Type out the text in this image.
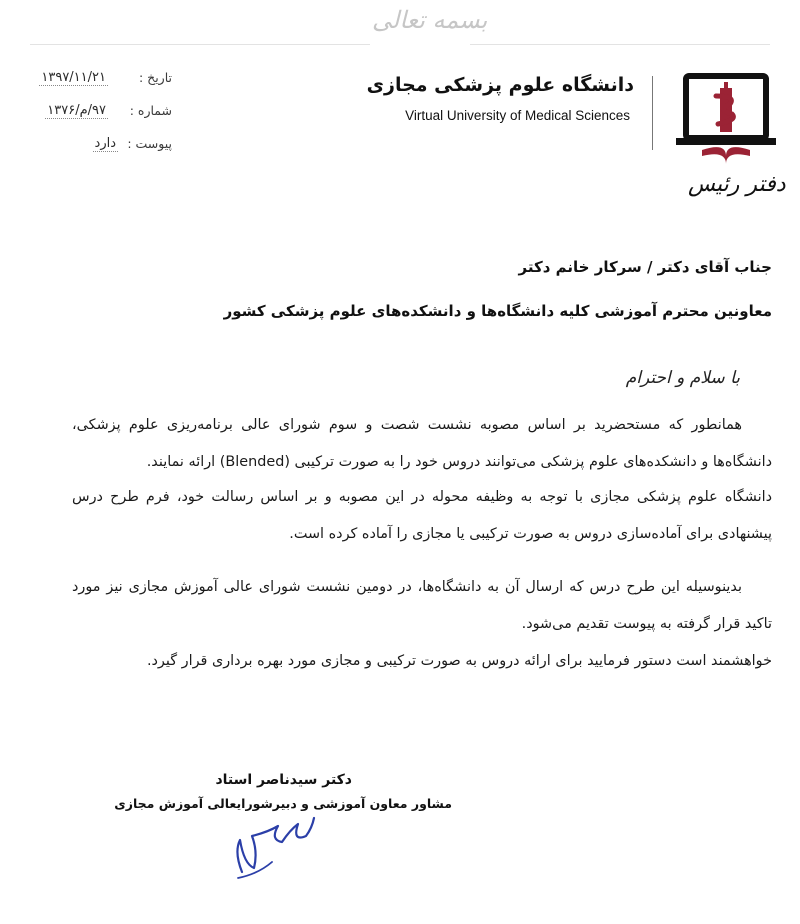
بسمه تعالی
تاریخ :
۱۳۹۷/۱۱/۲۱
شماره :
۹۷/م/۱۳۷۶
پیوست :
دارد
دانشگاه علوم پزشکی مجازی
Virtual University of Medical Sciences
دفتر رئیس
جناب آقای دکتر / سرکار خانم دکتر
معاونین محترم آموزشی کلیه دانشگاه‌ها و دانشکده‌های علوم پزشکی کشور
با سلام و احترام
همانطور که مستحضرید بر اساس مصوبه نشست شصت و سوم شورای عالی برنامه‌ریزی علوم پزشکی، دانشگاه‌ها و دانشکده‌های علوم پزشکی می‌توانند دروس خود را به صورت ترکیبی (Blended) ارائه نمایند.
دانشگاه علوم پزشکی مجازی با توجه به وظیفه محوله در این مصوبه و بر اساس رسالت خود، فرم طرح درس پیشنهادی برای آماده‌سازی دروس به صورت ترکیبی یا مجازی را آماده کرده است.
بدینوسیله این طرح درس که ارسال آن به دانشگاه‌ها، در دومین نشست شورای عالی آموزش مجازی نیز مورد تاکید قرار گرفته به پیوست تقدیم می‌شود.
خواهشمند است دستور فرمایید برای ارائه دروس به صورت ترکیبی و مجازی مورد بهره برداری قرار گیرد.
دکتر سیدناصر استاد
مشاور معاون آموزشی و دبیرشورایعالی آموزش مجازی
